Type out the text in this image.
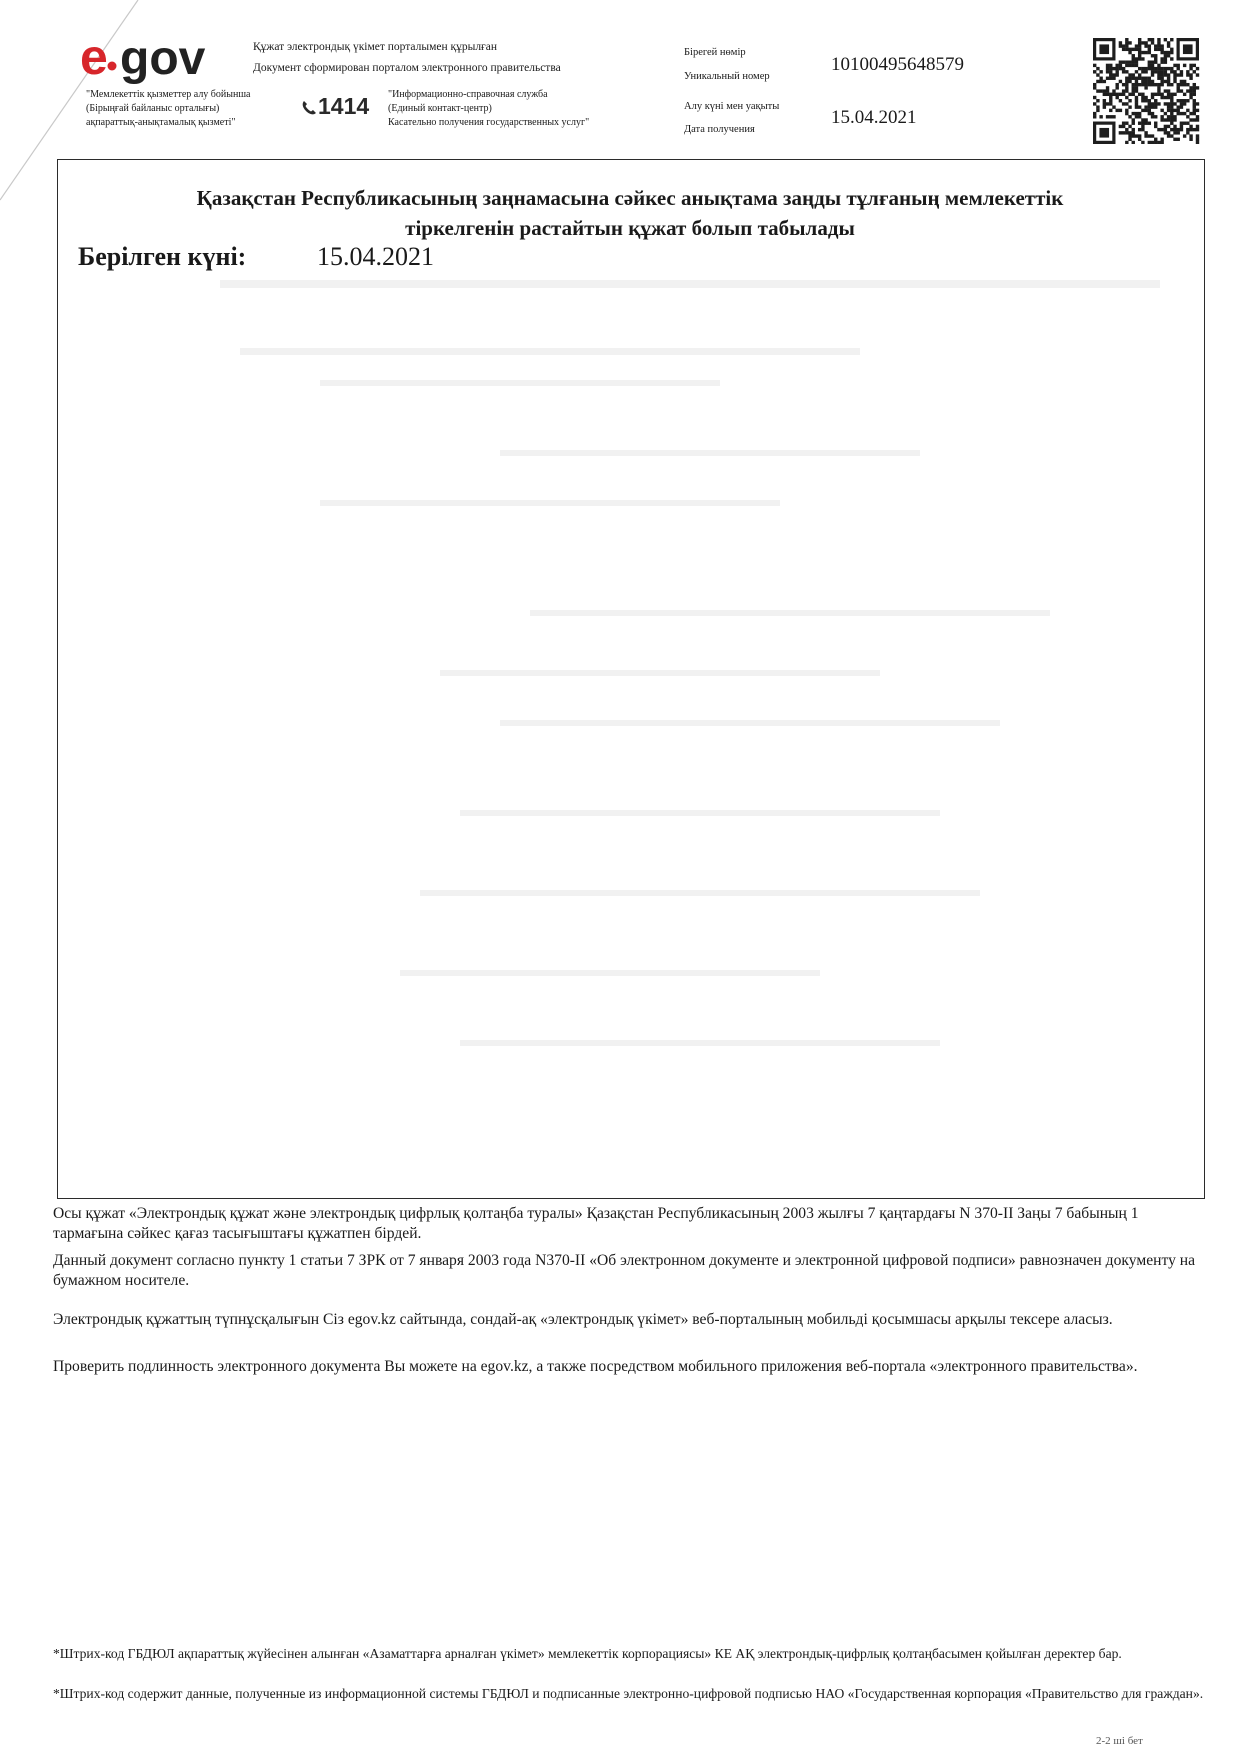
e gov	Құжат электрондық үкімет порталымен құрылған
Документ сформирован порталом электронного правительства
"Мемлекеттік қызметтер алу бойынша
(Бірыңғай байланыс орталығы)
ақпараттық-анықтамалық қызметі"
1414 "Информационно-справочная служба
(Единый контакт-центр)
Касательно получения государственных услуг"
Бірегей нөмір
Уникальный номер
Алу күні мен уақыты
Дата получения
10100495648579
15.04.2021
Қазақстан Республикасының заңнамасына сәйкес анықтама заңды тұлғаның мемлекеттік
тіркелгенін растайтын құжат болып табылады
Берілген күні:	15.04.2021
Осы құжат «Электрондық құжат және электрондық цифрлық қолтаңба туралы» Қазақстан Республикасының 2003 жылғы 7 қаңтардағы N 370-II Заңы 7 бабының 1 тармағына сәйкес қағаз тасығыштағы құжатпен бірдей.
Данный документ согласно пункту 1 статьи 7 ЗРК от 7 января 2003 года N370-II «Об электронном документе и электронной цифровой подписи» равнозначен документу на бумажном носителе.
Электрондық құжаттың түпнұсқалығын Сіз egov.kz сайтында, сондай-ақ «электрондық үкімет» веб-порталының мобильді қосымшасы арқылы тексере аласыз.
Проверить подлинность электронного документа Вы можете на egov.kz, а также посредством мобильного приложения веб-портала «электронного правительства».
*Штрих-код ГБДЮЛ ақпараттық жүйесінен алынған «Азаматтарға арналған үкімет» мемлекеттік корпорациясы» КЕ АҚ электрондық-цифрлық қолтаңбасымен қойылған деректер бар.
*Штрих-код содержит данные, полученные из информационной системы ГБДЮЛ и подписанные электронно-цифровой подписью НАО «Государственная корпорация «Правительство для граждан».
2-2 ші бет
